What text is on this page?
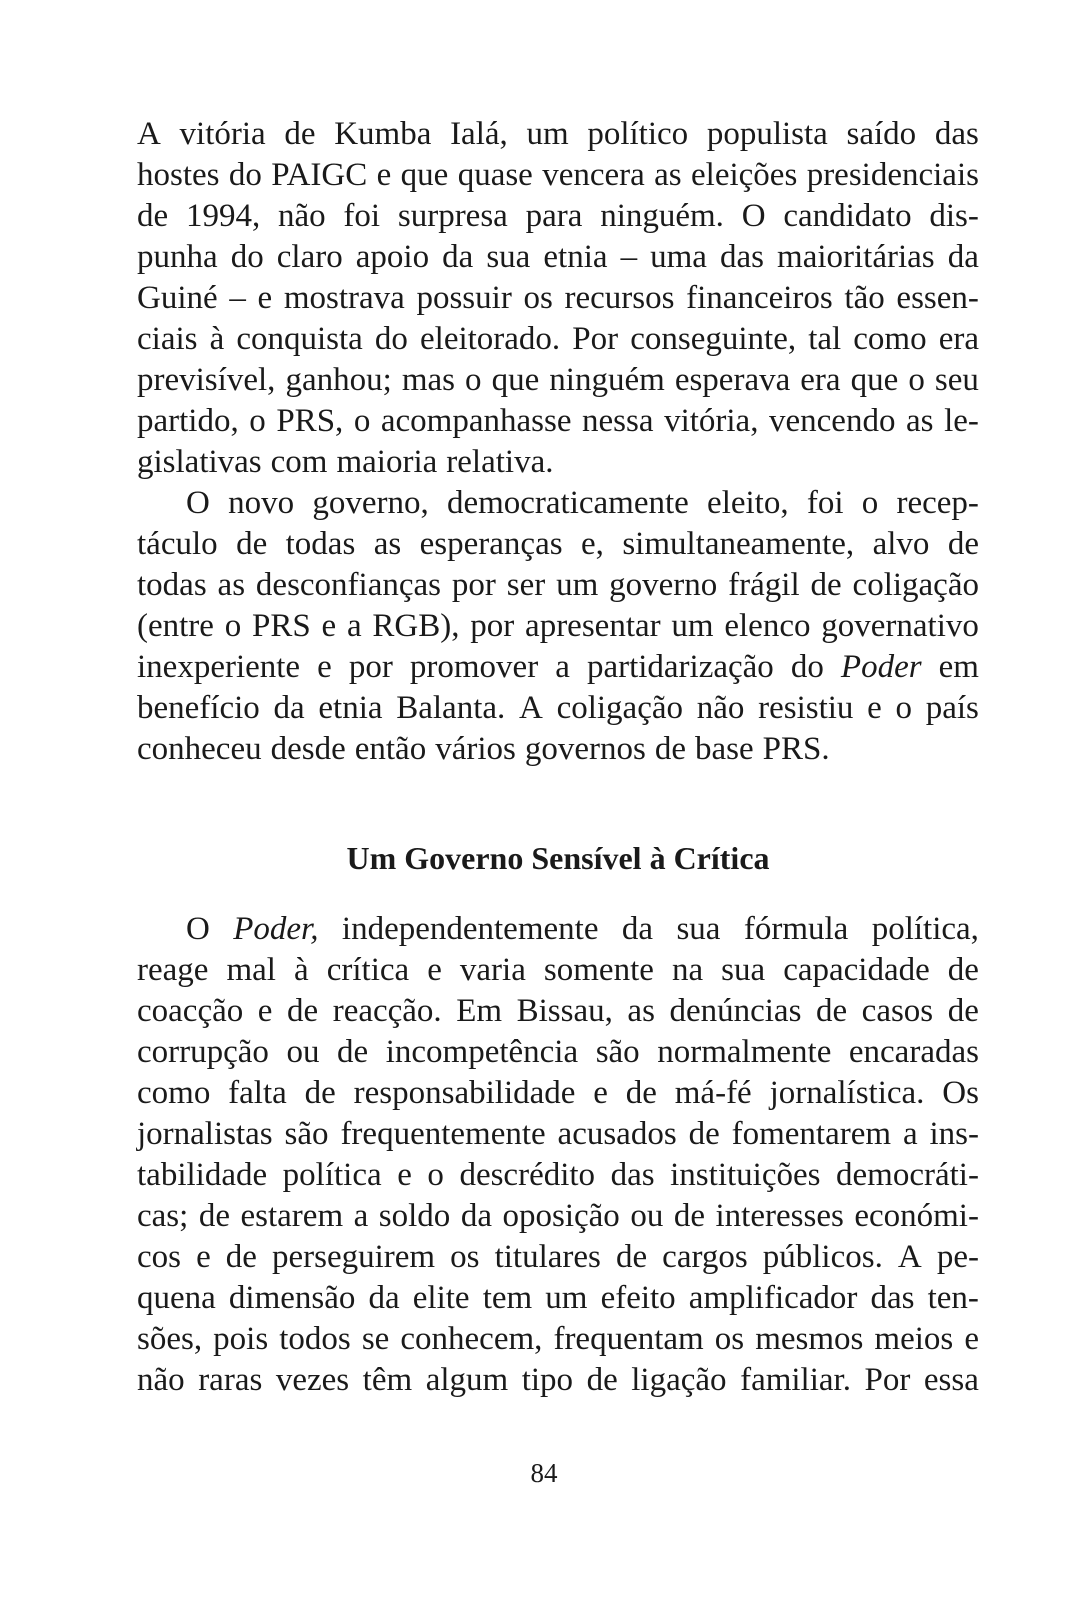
A vitória de Kumba Ialá, um político populista saído das
hostes do PAIGC e que quase vencera as eleições presidenciais
de 1994, não foi surpresa para ninguém. O candidato dis-
punha do claro apoio da sua etnia – uma das maioritárias da
Guiné – e mostrava possuir os recursos financeiros tão essen-
ciais à conquista do eleitorado. Por conseguinte, tal como era
previsível, ganhou; mas o que ninguém esperava era que o seu
partido, o PRS, o acompanhasse nessa vitória, vencendo as le-
gislativas com maioria relativa.
O novo governo, democraticamente eleito, foi o recep-
táculo de todas as esperanças e, simultaneamente, alvo de
todas as desconfianças por ser um governo frágil de coligação
(entre o PRS e a RGB), por apresentar um elenco governativo
inexperiente e por promover a partidarização do Poder em
benefício da etnia Balanta. A coligação não resistiu e o país
conheceu desde então vários governos de base PRS.
Um Governo Sensível à Crítica
O Poder, independentemente da sua fórmula política,
reage mal à crítica e varia somente na sua capacidade de
coacção e de reacção. Em Bissau, as denúncias de casos de
corrupção ou de incompetência são normalmente encaradas
como falta de responsabilidade e de má-fé jornalística. Os
jornalistas são frequentemente acusados de fomentarem a ins-
tabilidade política e o descrédito das instituições democráti-
cas; de estarem a soldo da oposição ou de interesses económi-
cos e de perseguirem os titulares de cargos públicos. A pe-
quena dimensão da elite tem um efeito amplificador das ten-
sões, pois todos se conhecem, frequentam os mesmos meios e
não raras vezes têm algum tipo de ligação familiar. Por essa
84
